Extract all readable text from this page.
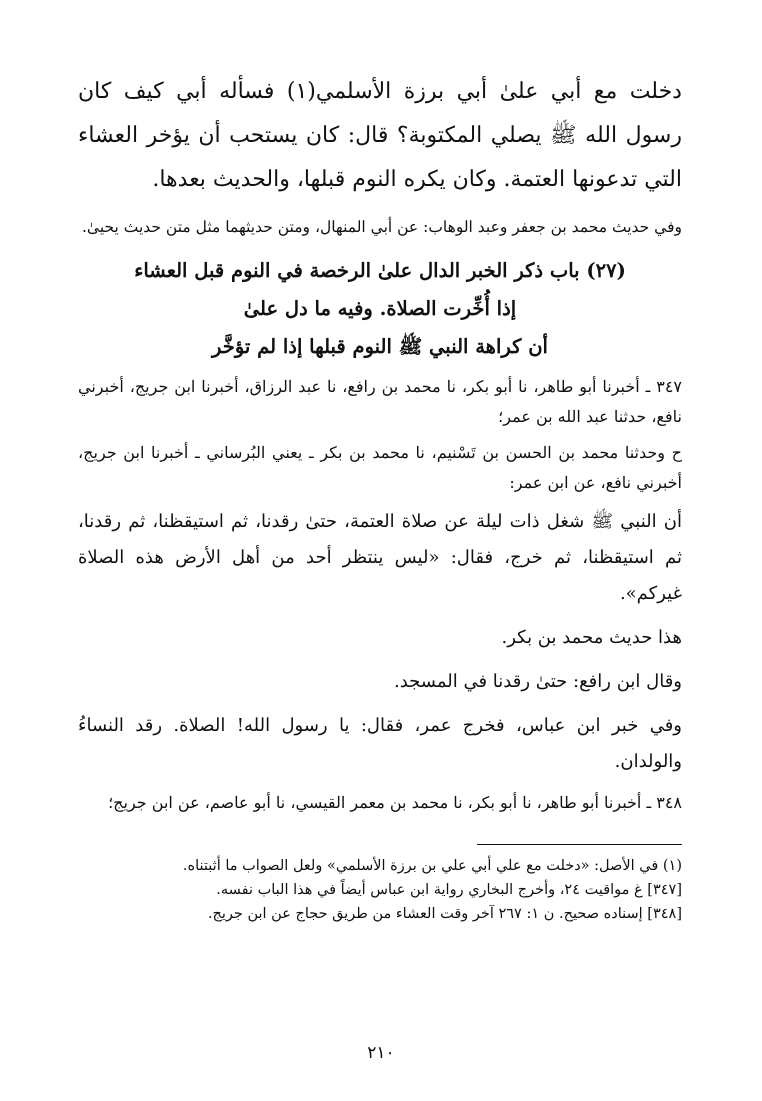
دخلت مع أبي علىٰ أبي برزة الأسلمي(١) فسأله أبي كيف كان رسول الله ﷺ يصلي المكتوبة؟ قال: كان يستحب أن يؤخر العشاء التي تدعونها العتمة. وكان يكره النوم قبلها، والحديث بعدها.

وفي حديث محمد بن جعفر وعبد الوهاب: عن أبي المنهال، ومتن حديثهما مثل متن حديث يحيىٰ.

(٢٧) باب ذكر الخبر الدال علىٰ الرخصة في النوم قبل العشاء
إذا أُخِّرت الصلاة. وفيه ما دل علىٰ
أن كراهة النبي ﷺ النوم قبلها إذا لم تؤخَّر

٣٤٧ ـ أخبرنا أبو طاهر، نا أبو بكر، نا محمد بن رافع، نا عبد الرزاق، أخبرنا ابن جريج، أخبرني نافع، حدثنا عبد الله بن عمر؛

ح وحدثنا محمد بن الحسن بن تَسْنيم، نا محمد بن بكر ـ يعني البُرساني ـ أخبرنا ابن جريج، أخبرني نافع، عن ابن عمر:

أن النبي ﷺ شغل ذات ليلة عن صلاة العتمة، حتىٰ رقدنا، ثم استيقظنا، ثم رقدنا، ثم استيقظنا، ثم خرج، فقال: «ليس ينتظر أحد من أهل الأرض هذه الصلاة غيركم».

هذا حديث محمد بن بكر.

وقال ابن رافع: حتىٰ رقدنا في المسجد.

وفي خبر ابن عباس، فخرج عمر، فقال: يا رسول الله! الصلاة. رقد النساءُ والولدان.

٣٤٨ ـ أخبرنا أبو طاهر، نا أبو بكر، نا محمد بن معمر القيسي، نا أبو عاصم، عن ابن جريج؛

(١) في الأصل: «دخلت مع علي أبي علي بن برزة الأسلمي» ولعل الصواب ما أثبتناه.

[٣٤٧] غ مواقيت ٢٤، وأخرج البخاري رواية ابن عباس أيضاً في هذا الباب نفسه.

[٣٤٨] إسناده صحيح. ن ١: ٢٦٧ آخر وقت العشاء من طريق حجاج عن ابن جريج.

٢١٠
